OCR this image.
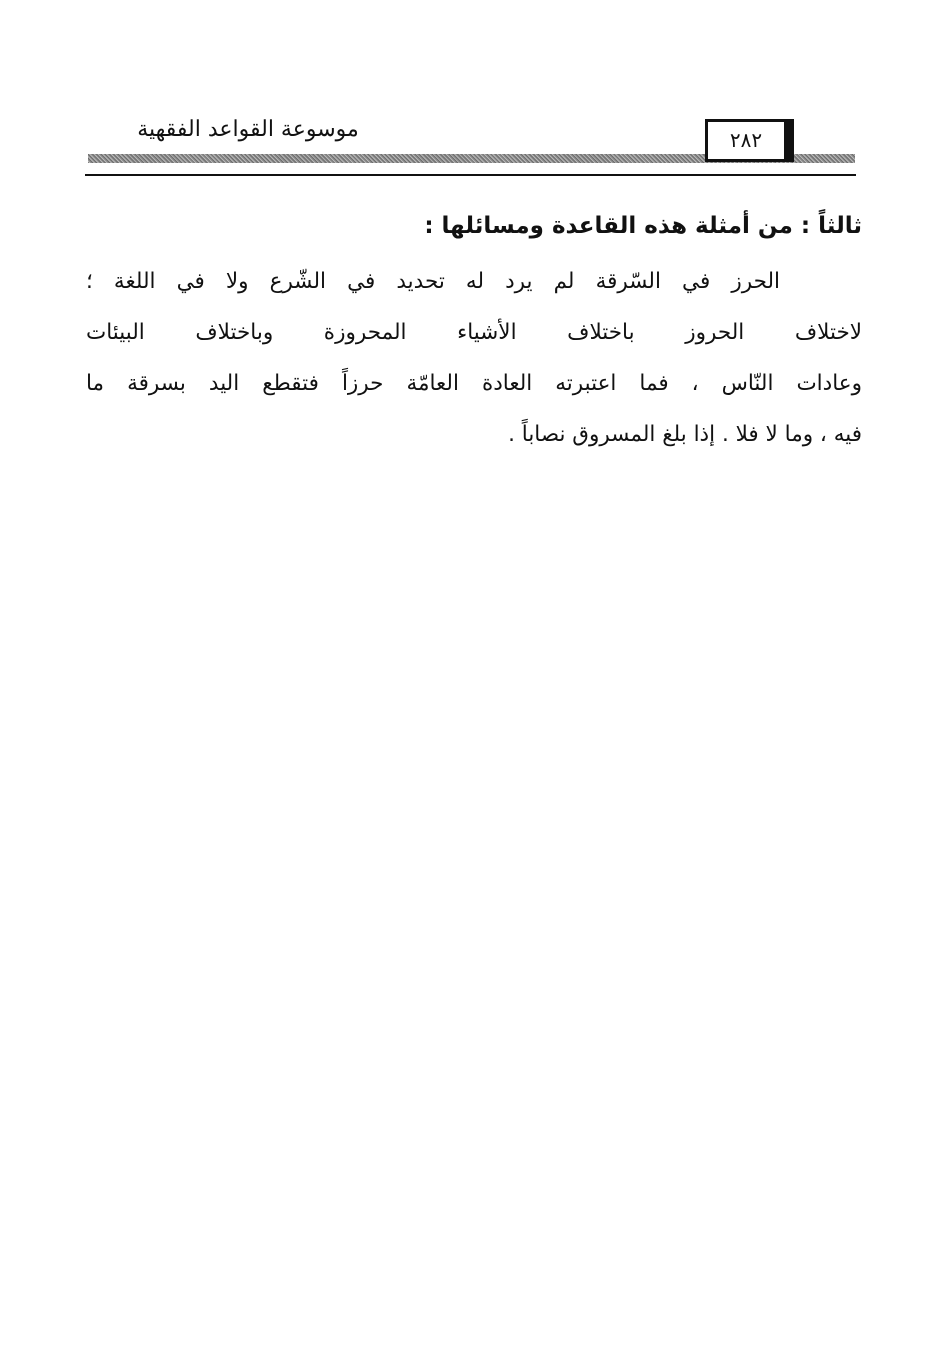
موسوعة القواعد الفقهية	٢٨٢
ثالثاً : من أمثلة هذه القاعدة ومسائلها :
الحرز في السّرقة لم يرد له تحديد في الشّرع ولا في اللغة ؛
لاختلاف الحروز باختلاف الأشياء المحروزة وباختلاف البيئات
وعادات النّاس ، فما اعتبرته العادة العامّة حرزاً فتقطع اليد بسرقة ما
فيه ، وما لا فلا . إذا بلغ المسروق نصاباً .
